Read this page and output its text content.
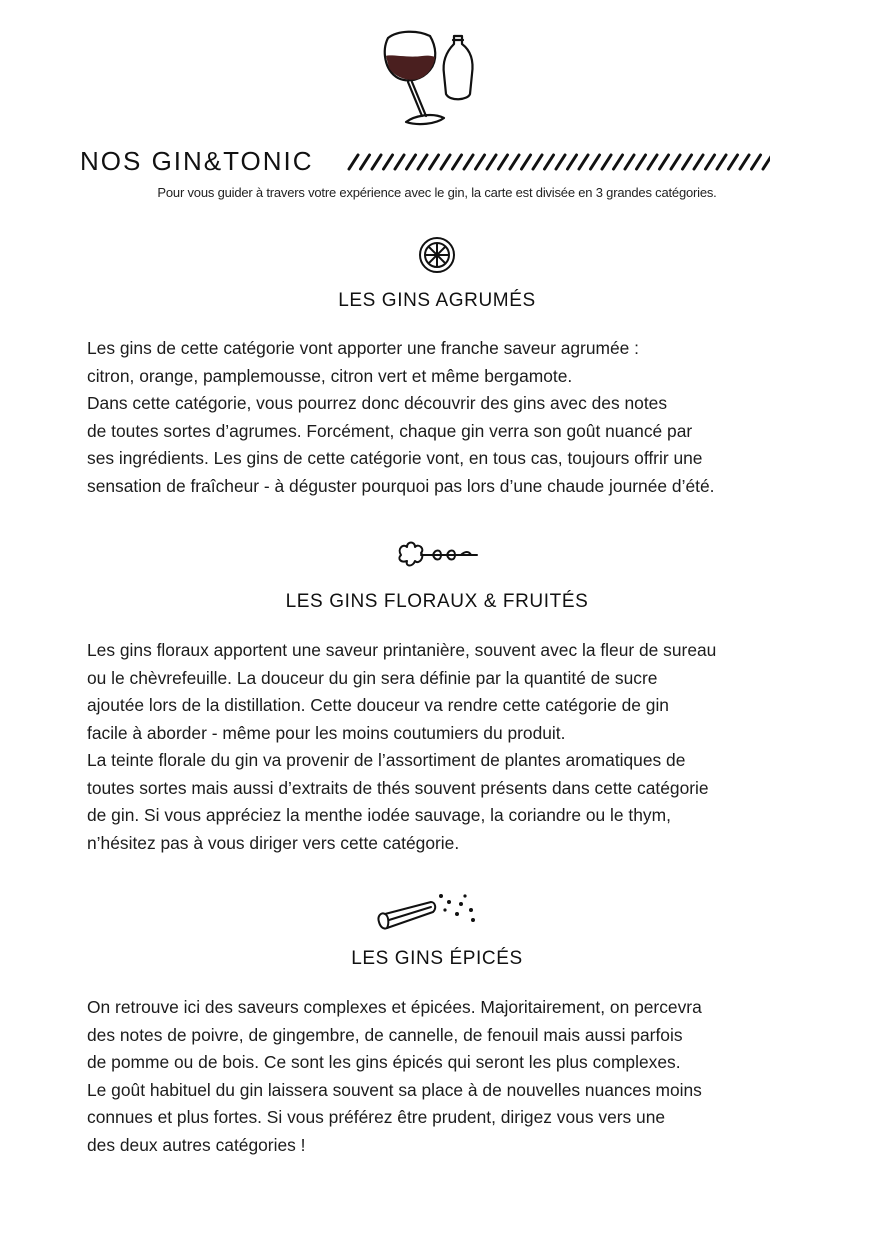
NOS GIN&TONIC
Pour vous guider à travers votre expérience avec le gin, la carte est divisée en 3 grandes catégories.
LES GINS AGRUMÉS
Les gins de cette catégorie vont apporter une franche saveur agrumée :
citron, orange, pamplemousse, citron vert et même bergamote.
Dans cette catégorie, vous pourrez donc découvrir des gins avec des notes
de toutes sortes d’agrumes. Forcément, chaque gin verra son goût nuancé par
ses ingrédients. Les gins de cette catégorie vont, en tous cas, toujours offrir une
sensation de fraîcheur - à déguster pourquoi pas lors d’une chaude journée d’été.
LES GINS FLORAUX & FRUITÉS
Les gins floraux apportent une saveur printanière, souvent avec la fleur de sureau
ou le chèvrefeuille. La douceur du gin sera définie par la quantité de sucre
ajoutée lors de la distillation. Cette douceur va rendre cette catégorie de gin
facile à aborder - même pour les moins coutumiers du produit.
La teinte florale du gin va provenir de l’assortiment de plantes aromatiques de
toutes sortes mais aussi d’extraits de thés souvent présents dans cette catégorie
de gin. Si vous appréciez la menthe iodée sauvage, la coriandre ou le thym,
n’hésitez pas à vous diriger vers cette catégorie.
LES GINS ÉPICÉS
On retrouve ici des saveurs complexes et épicées. Majoritairement, on percevra
des notes de poivre, de gingembre, de cannelle, de fenouil mais aussi parfois
de pomme ou de bois. Ce sont les gins épicés qui seront les plus complexes.
Le goût habituel du gin laissera souvent sa place à de nouvelles nuances moins
connues et plus fortes. Si vous préférez être prudent, dirigez vous vers une
des deux autres catégories !
